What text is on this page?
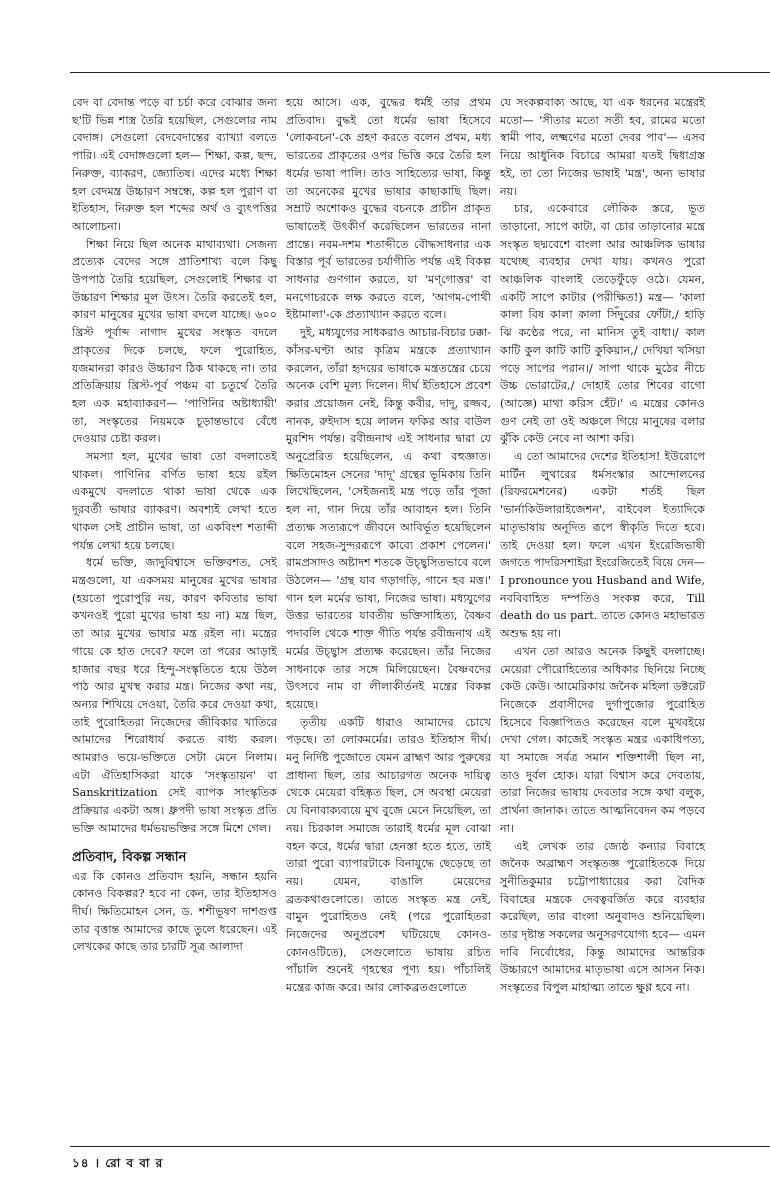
বেদ বা বেদান্ত পড়ে বা চর্চা করে বোঝার জন্য ছ'টি ভিন্ন শাস্ত্র তৈরি হয়েছিল, সেগুলোর নাম বেদাঙ্গ। সেগুলো বেদবেদান্তের ব্যাখ্যা বলতে পারি। এই বেদাঙ্গগুলো হল— শিক্ষা, কল্প, ছন্দ, নিরুক্ত, ব্যাকরণ, জ্যোতিষ। এদের মধ্যে শিক্ষা হল বেদমন্ত্র উচ্চারণ সম্বন্ধে, কল্প হল পুরাণ বা ইতিহাস, নিরুক্ত হল শব্দের অর্থ ও ব্যুৎপত্তির আলোচনা।

শিক্ষা নিয়ে ছিল অনেক মাথাব্যথা। সেজন্য প্রত্যেক বেদের সঙ্গে প্রাতিশাখ্য বলে কিছু উপপাঠ তৈরি হয়েছিল, সেগুলোই শিক্ষার বা উচ্চারণ শিক্ষার মূল উৎস। তৈরি করতেই হল, কারণ মানুষের মুখের ভাষা বদলে যাচ্ছে। ৬০০ খ্রিস্ট পূর্বাব্দ নাগাদ মুখের সংস্কৃত বদলে প্রাকৃতের দিকে চলছে, ফলে পুরোহিত, যজমানরা কারও উচ্চারণ ঠিক থাকছে না। তার প্রতিক্রিয়ায় খ্রিস্ট-পূর্ব পঞ্চম বা চতুর্থে তৈরি হল এক মহাব্যাকরণ— 'পাণিনির অষ্টাধ্যায়ী' তা, সংস্কৃতের নিয়মকে চূড়ান্তভাবে বেঁধে দেওয়ার চেষ্টা করল।

সমস্যা হল, মুখের ভাষা তো বদলাতেই থাকল। পাণিনির বর্ণিত ভাষা হয়ে রইল একমুখে বদলাতে থাকা ভাষা থেকে এক দূরবর্তী ভাষার ব্যাকরণ। অবশ্যই লেখা হতে থাকল সেই প্রাচীন ভাষা, তা একবিংশ শতাব্দী পর্যন্ত লেখা হয়ে চলছে।

ধর্মে ভক্তি, জাদুবিশ্বাসে ভক্তিবশত, সেই মন্ত্রগুলো, যা একসময় মানুষের মুখের ভাষার (হয়তো পুরোপুরি নয়, কারণ কবিতার ভাষা কখনওই পুরো মুখের ভাষা হয় না) মন্ত্র ছিল, তা আর মুখের ভাষার মন্ত্র রইল না। মন্ত্রের গায়ে কে হাত দেবে? ফলে তা পরের আড়াই হাজার বছর ধরে হিন্দু-সংস্কৃতিতে হয়ে উঠল পাঠ আর মুখস্থ করার মন্ত্র। নিজের কথা নয়, অন্যর শিখিয়ে দেওয়া, তৈরি করে দেওয়া কথা, তাই পুরোহিতরা নিজেদের জীবিকার খাতিরে আমাদের শিরোধার্য করতে বাধ্য করল। আমরাও ভয়ে-ভক্তিতে সেটা মেনে নিলাম। এটা ঐতিহাসিকরা যাকে 'সংস্কৃতায়ন' বা Sanskritization সেই ব্যাপক সাংস্কৃতিক প্রক্রিয়ার একটা অঙ্গ। ধ্রুপদী ভাষা সংস্কৃত প্রতি ভক্তি আমাদের ধর্মভয়ভক্তির সঙ্গে মিশে গেল।

প্রতিবাদ, বিকল্প সন্ধান

এর কি কোনও প্রতিবাদ হয়নি, সন্ধান হয়নি কোনও বিকল্পর? হবে না কেন, তার ইতিহাসও দীর্ঘ। ক্ষিতিমোহন সেন, ড. শশীভূষণ দাশগুপ্ত তার বৃত্তান্ত আমাদের কাছে তুলে ধরেছেন। এই লেখকের কাছে তার চারটি সূত্র আলাদা

হয়ে আসে। এক, বুদ্ধের ধর্মই তার প্রথম প্রতিবাদ। বুদ্ধই তো ধর্মের ভাষা হিসেবে 'লোকবচন'-কে গ্রহণ করতে বলেন প্রথম, মধ্য ভারতের প্রাকৃতের ওপর ভিত্তি করে তৈরি হল ধর্মের ভাষা পালি। তাও সাহিত্যের ভাষা, কিন্তু তা অনেকের মুখের ভাষার কাছাকাছি ছিল। সম্রাট অশোকও বুদ্ধের বচনকে প্রাচীন প্রাকৃত ভাষাতেই উৎকীর্ণ করেছিলেন ভারতের নানা প্রান্তে। নবম-দশম শতাব্দীতে বৌদ্ধসাধনার এক বিস্তার পূর্ব ভারতের চর্যাগীতি পর্যন্ত এই বিকল্প সাধনার গুণগান করতে, যা 'মণ্‌গোত্তর' বা মনগোচরকে লক্ষ করতে বলে, 'আগম-পোথী ইষ্টামালা'-কে প্রত্যাখ্যান করতে বলে।

দুই, মধ্যযুগের সাধকরাও আচার-বিচার ঢক্কা-কাঁসর-ঘণ্টা আর কৃত্রিম মন্ত্রকে প্রত্যাখ্যান করলেন, তাঁরা হৃদয়ের ভাষাকে মন্ত্রতন্ত্রের চেয়ে অনেক বেশি মূল্য দিলেন। দীর্ঘ ইতিহাসে প্রবেশ করার প্রয়োজন নেই, কিন্তু কবীর, দাদূ, রজ্জব, নানক, রুইদাস হয়ে লালন ফকির আর বাউল মুরশিদ পর্যন্ত। রবীন্দ্রনাথ এই সাধনার দ্বারা যে অনুপ্রেরিত হয়েছিলেন, এ কথা বহুজ্ঞাত। ক্ষিতিমোহন সেনের 'দাদূ' গ্রন্থের ভূমিকায় তিনি লিখেছিলেন, 'সেইজন্যই মন্ত্র পড়ে তাঁর পূজা হল না, গান দিয়ে তাঁর আবাহন হল। তিনি প্রত্যক্ষ সত্যরূপে জীবনে আবির্ভূত হয়েছিলেন বলে সহজ-সুন্দররূপে কাব্যে প্রকাশ পেলেন।' রামপ্রসাদও অষ্টাদশ শতকে উচ্ছ্বসিতভাবে বলে উঠলেন— 'গ্রন্থ যাব গড়াগড়ি, গানে হব মত্ত।' গান হল মর্মের ভাষা, নিজের ভাষা। মধ্যযুগের উত্তর ভারতের যাবতীয় ভক্তিসাহিত্য, বৈষ্ণব পদাবলি থেকে শাক্ত গীতি পর্যন্ত রবীন্দ্রনাথ এই মর্মের উচ্ছ্বাস প্রত্যক্ষ করেছেন। তাঁর নিজের সাধনাকে তার সঙ্গে মিলিয়েছেন। বৈষ্ণবদের উৎসবে নাম বা লীলাকীর্তনই মন্ত্রের বিকল্প হয়েছে।

তৃতীয় একটি ধারাও আমাদের চোখে পড়ছে। তা লোকমর্মের। তারও ইতিহাস দীর্ঘ। মনু নির্দিষ্ট পুজোতে যেমন ব্রাহ্মণ আর পুরুষের প্রাধান্য ছিল, তার আচারগত অনেক দায়িত্ব থেকে মেয়েরা বহিষ্কৃত ছিল, সে অবস্থা মেয়েরা যে বিনাবাক্যব্যয়ে মুখ বুজে মেনে নিয়েছিল, তা নয়। চিরকাল সমাজে তারাই ধর্মের মূল বোঝা বহন করে, ধর্মের দ্বারা হেনস্তা হতে হতে, তাই তারা পুরো ব্যাপারটাকে বিনাযুদ্ধে ছেড়েছে তা নয়। যেমন, বাঙালি মেয়েদের ব্রতকথাগুলোতে। তাতে সংস্কৃত মন্ত্র নেই, বামুন পুরোহিতও নেই (পরে পুরোহিতরা নিজেদের অনুপ্রবেশ ঘটিয়েছে কোনও-কোনওটিতে), সেগুলোতে ভাষায় রচিত পাঁচালি শুনেই গৃহস্থের পূণ্য হয়। পাঁচালিই মন্ত্রের কাজ করে। আর লোকব্রতগুলোতে

যে সংকল্পবাক্য আছে, যা এক ধরনের মন্ত্রেরই মতো— 'সীতার মতো সতী হব, রামের মতো স্বামী পাব, লক্ষ্মণের মতো দেবর পাব'— এসব নিয়ে আধুনিক বিচারে আমরা যতই দ্বিধাগ্রস্ত হই, তা তো নিজের ভাষাই 'মন্ত্র', অন্য ভাষার নয়।

চার, একেবারে লৌকিক স্তরে, ভূত তাড়ানো, সাপে কাটা, বা চোর তাড়ানোর মন্ত্রে সংস্কৃত ছদ্মবেশে বাংলা আর আঞ্চলিক ভাষার যথেচ্ছ ব্যবহার দেখা যায়। কখনও পুরো আঞ্চলিক বাংলাই তেড়েফুঁড়ে ওঠে। যেমন, একটি সাপে কাটার (পরীক্ষিত!) মন্ত্র— 'কালা কালা বিষ কালা কালা সিঁদুরের ফোঁটা,/ হাড়ি ঝি কণ্ঠের পরে, না মানিস তুই বাধা।/ কাল কাটি কুল কাটি কাটি কুকিয়ান,/ দেখিয়া খসিয়া পড়ে সাপের পরান।/ সাপা থাকে মুঠের নীচে উচ্চ ভোরাটের,/ দোহাই তোর শিবের বাগো (আজ্ঞে) মাথা করিস হেঁট।' এ মন্ত্রের কোনও গুণ নেই তা ওই অঞ্চলে গিয়ে মানুষের বলার ঝুঁকি কেউ নেবে না আশা করি।

এ তো আমাদের দেশের ইতিহাস! ইউরোপে মার্টিন লুথারের ধর্মসংস্কার আন্দোলনের (রিফরমেশনের) একটা শর্তই ছিল 'ভার্নাকিউলারাইজেশন', বাইবেল ইত্যাদিকে মাতৃভাষায় অনূদিত রূপে স্বীকৃতি দিতে হবে। তাই দেওয়া হল। ফলে এখন ইংরেজিভাষী জগতে পাদরিসশাইরা ইংরেজিতেই বিয়ে দেন— I pronounce you Husband and Wife, নববিবাহিত দম্পতিও সংকল্প করে, Till death do us part. তাতে কোনও মহাভারত অশুদ্ধ হয় না।

এখন তো আরও অনেক কিছুই বদলাচ্ছে। মেয়েরা পৌরোহিত্যের অধিকার ছিনিয়ে নিচ্ছে কেউ কেউ। আমেরিকায় জনৈক মহিলা ডক্টরেট নিজেকে প্রবাসীদের দুর্গাপুজোর পুরোহিত হিসেবে বিজ্ঞাপিতও করেছেন বলে মুখবইয়ে দেখা গেল। কাজেই সংস্কৃত মন্ত্রর একাধিপত্য, যা সমাজে সর্বত্র সমান শক্তিশালী ছিল না, তাও দুর্বল হোক। যারা বিশ্বাস করে দেবতায়, তারা নিজের ভাষায় দেবতার সঙ্গে কথা বলুক, প্রার্থনা জানাক। তাতে আত্মনিবেদন কম পড়বে না।

এই লেখক তার জ্যেষ্ঠ কন্যার বিবাহে জনৈক অব্রাহ্মণ সংস্কৃতজ্ঞ পুরোহিতকে দিয়ে সুনীতিকুমার চট্টোপাধ্যায়ের করা বৈদিক বিবাহের মন্ত্রকে দেবত্ববর্জিত করে ব্যবহার করেছিল, তার বাংলা অনুবাদও শুনিয়েছিল। তার দৃষ্টান্ত সকলের অনুসরণযোগ্য হবে— এমন দাবি নির্বোধের, কিন্তু আমাদের আন্তরিক উচ্চারণে আমাদের মাতৃভাষা এসে আসন নিক। সংস্কৃতের বিপুল মাহাত্ম্য তাতে ক্ষুণ্ণ হবে না।

১৪ । রো ব বা র
